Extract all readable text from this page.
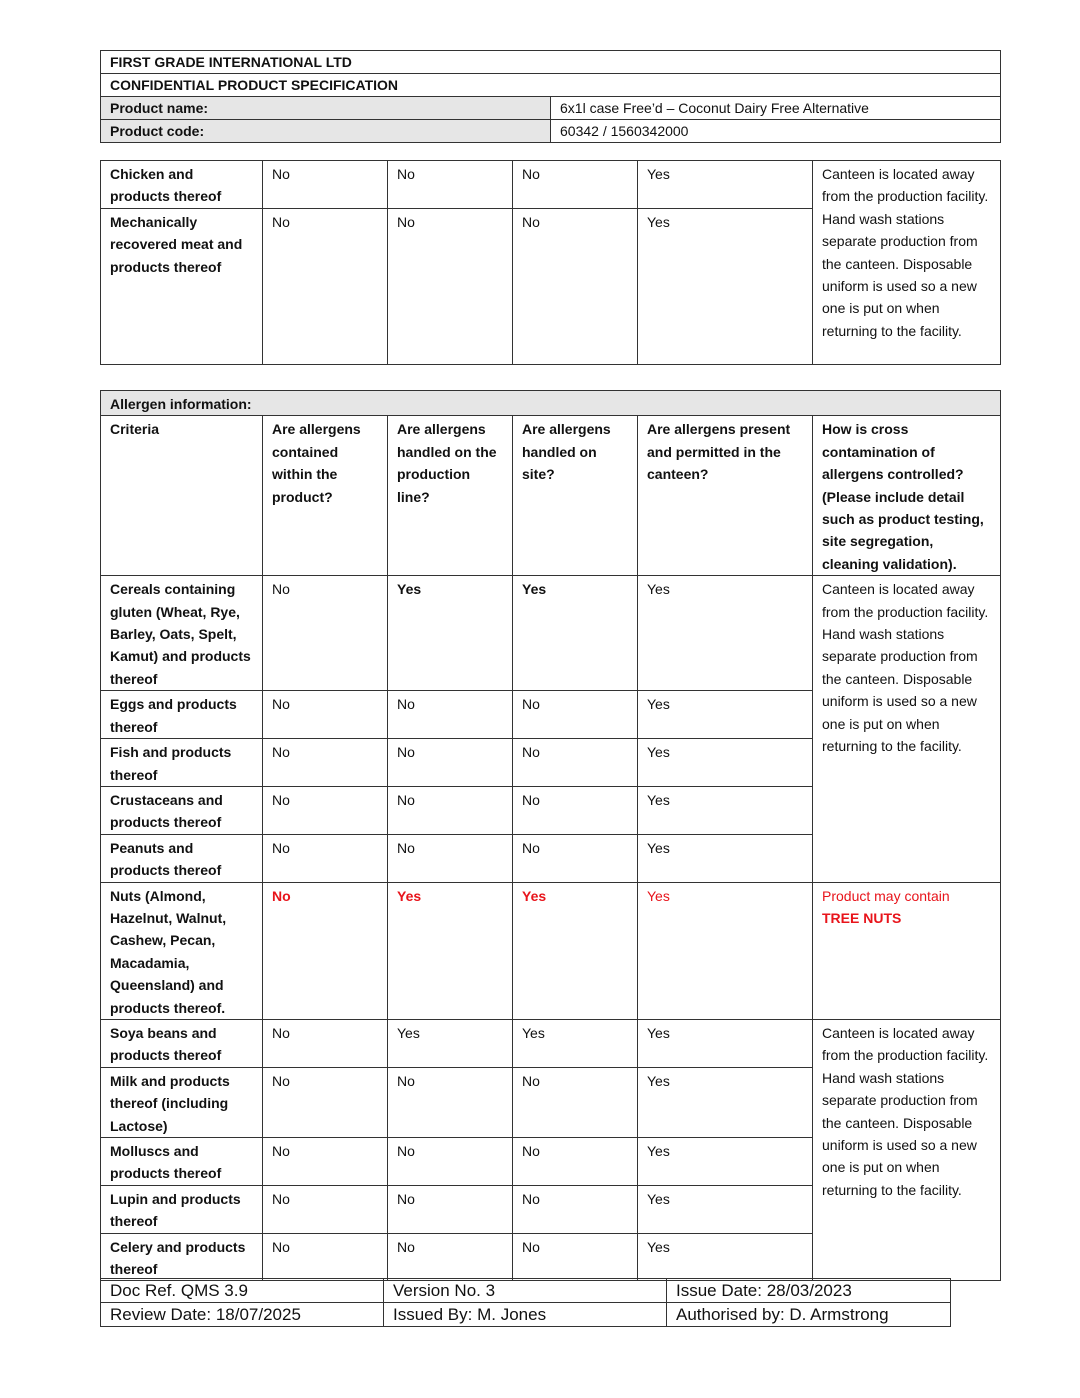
FIRST GRADE INTERNATIONAL LTD	
CONFIDENTIAL PRODUCT SPECIFICATION	
Product name:	6x1l case Free’d – Coconut Dairy Free Alternative
Product code:	60342 / 1560342000
Chicken and products thereof	No	No	No	Yes	Canteen is located away from the production facility. Hand wash stations separate production from the canteen. Disposable uniform is used so a new one is put on when returning to the facility.
Mechanically recovered meat and products thereof	No	No	No	Yes	
Allergen information:					
Criteria	Are allergens contained within the product?	Are allergens handled on the production line?	Are allergens handled on site?	Are allergens present and permitted in the canteen?	How is cross contamination of allergens controlled? (Please include detail such as product testing, site segregation, cleaning validation).
Cereals containing gluten (Wheat, Rye, Barley, Oats, Spelt, Kamut) and products thereof	No	Yes	Yes	Yes	Canteen is located away from the production facility. Hand wash stations separate production from the canteen. Disposable uniform is used so a new one is put on when returning to the facility.
Eggs and products thereof	No	No	No	Yes	
Fish and products thereof	No	No	No	Yes	
Crustaceans and products thereof	No	No	No	Yes	
Peanuts and products thereof	No	No	No	Yes	
Nuts (Almond, Hazelnut, Walnut, Cashew, Pecan, Macadamia, Queensland) and products thereof.	No	Yes	Yes	Yes	Product may contain
TREE NUTS
Soya beans and products thereof	No	Yes	Yes	Yes	Canteen is located away from the production facility. Hand wash stations separate production from the canteen. Disposable uniform is used so a new one is put on when returning to the facility.
Milk and products thereof (including Lactose)	No	No	No	Yes	
Molluscs and products thereof	No	No	No	Yes	
Lupin and products thereof	No	No	No	Yes	
Celery and products thereof	No	No	No	Yes	
Doc Ref. QMS 3.9	Version No. 3	Issue Date: 28/03/2023
Review Date: 18/07/2025	Issued By: M. Jones	Authorised by: D. Armstrong
